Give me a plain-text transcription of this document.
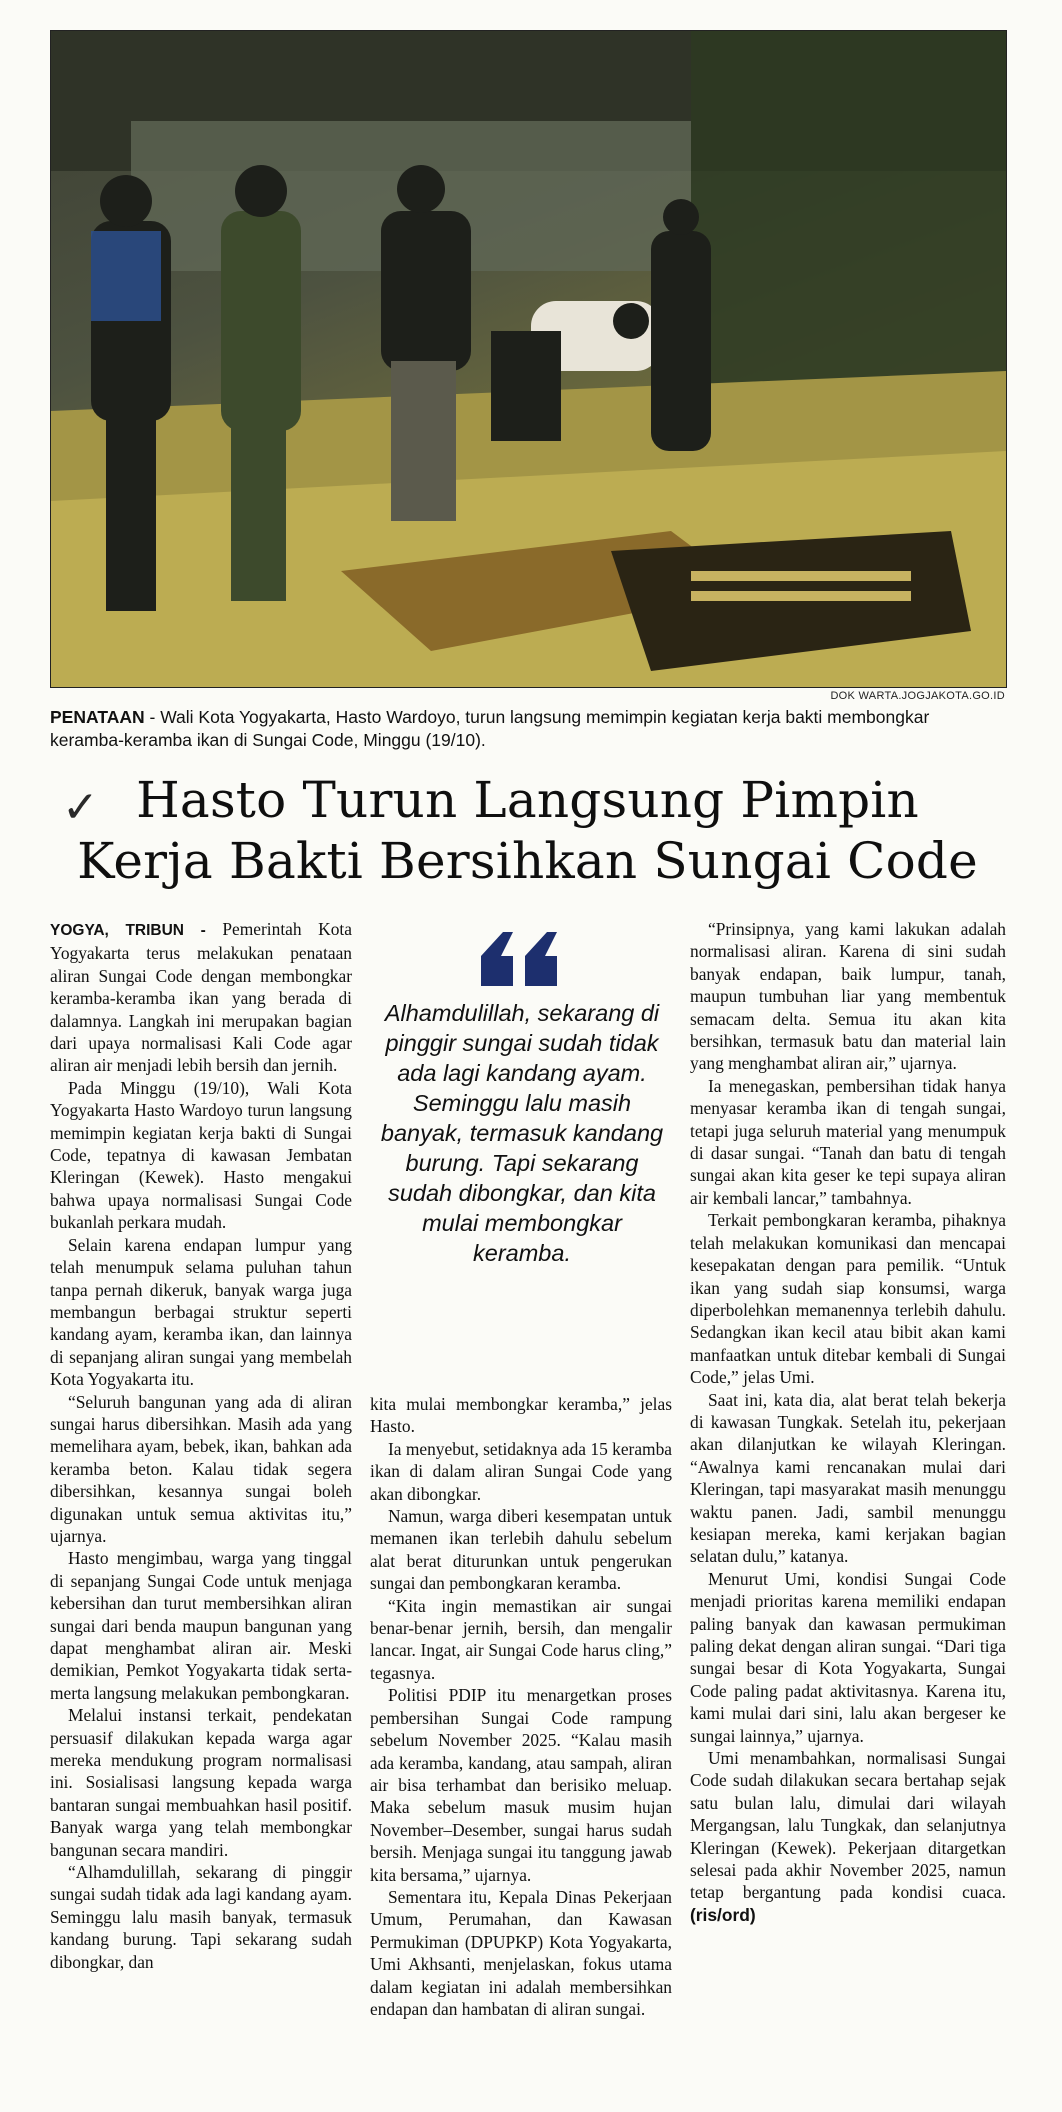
DOK WARTA.JOGJAKOTA.GO.ID
PENATAAN - Wali Kota Yogyakarta, Hasto Wardoyo, turun langsung memimpin kegiatan kerja bakti membongkar keramba-keramba ikan di Sungai Code, Minggu (19/10).
✓ Hasto Turun Langsung Pimpin
Kerja Bakti Bersihkan Sungai Code

YOGYA, TRIBUN - Pemerintah Kota Yogyakarta terus melakukan penataan aliran Sungai Code dengan membongkar keramba-keramba ikan yang berada di dalamnya. Langkah ini merupakan bagian dari upaya normalisasi Kali Code agar aliran air menjadi lebih bersih dan jernih.

Pada Minggu (19/10), Wali Kota Yogyakarta Hasto Wardoyo turun langsung memimpin kegiatan kerja bakti di Sungai Code, tepatnya di kawasan Jembatan Kleringan (Kewek). Hasto mengakui bahwa upaya normalisasi Sungai Code bukanlah perkara mudah.

Selain karena endapan lumpur yang telah menumpuk selama puluhan tahun tanpa pernah dikeruk, banyak warga juga membangun berbagai struktur seperti kandang ayam, keramba ikan, dan lainnya di sepanjang aliran sungai yang membelah Kota Yogyakarta itu.

“Seluruh bangunan yang ada di aliran sungai harus dibersihkan. Masih ada yang memelihara ayam, bebek, ikan, bahkan ada keramba beton. Kalau tidak segera dibersihkan, kesannya sungai boleh digunakan untuk semua aktivitas itu,” ujarnya.

Hasto mengimbau, warga yang tinggal di sepanjang Sungai Code untuk menjaga kebersihan dan turut membersihkan aliran sungai dari benda maupun bangunan yang dapat menghambat aliran air. Meski demikian, Pemkot Yogyakarta tidak serta-merta langsung melakukan pembongkaran.

Melalui instansi terkait, pendekatan persuasif dilakukan kepada warga agar mereka mendukung program normalisasi ini. Sosialisasi langsung kepada warga bantaran sungai membuahkan hasil positif. Banyak warga yang telah membongkar bangunan secara mandiri.

“Alhamdulillah, sekarang di pinggir sungai sudah tidak ada lagi kandang ayam. Seminggu lalu masih banyak, termasuk kandang burung. Tapi sekarang sudah dibongkar, dan

Alhamdulillah, sekarang di pinggir sungai sudah tidak ada lagi kandang ayam. Seminggu lalu masih banyak, termasuk kandang burung. Tapi sekarang sudah dibongkar, dan kita mulai membongkar keramba.

kita mulai membongkar keramba,” jelas Hasto.

Ia menyebut, setidaknya ada 15 keramba ikan di dalam aliran Sungai Code yang akan dibongkar.

Namun, warga diberi kesempatan untuk memanen ikan terlebih dahulu sebelum alat berat diturunkan untuk pengerukan sungai dan pembongkaran keramba.

“Kita ingin memastikan air sungai benar-benar jernih, bersih, dan mengalir lancar. Ingat, air Sungai Code harus cling,” tegasnya.

Politisi PDIP itu menargetkan proses pembersihan Sungai Code rampung sebelum November 2025. “Kalau masih ada keramba, kandang, atau sampah, aliran air bisa terhambat dan berisiko meluap. Maka sebelum masuk musim hujan November–Desember, sungai harus sudah bersih. Menjaga sungai itu tanggung jawab kita bersama,” ujarnya.

Sementara itu, Kepala Dinas Pekerjaan Umum, Perumahan, dan Kawasan Permukiman (DPUPKP) Kota Yogyakarta, Umi Akhsanti, menjelaskan, fokus utama dalam kegiatan ini adalah membersihkan endapan dan hambatan di aliran sungai.

“Prinsipnya, yang kami lakukan adalah normalisasi aliran. Karena di sini sudah banyak endapan, baik lumpur, tanah, maupun tumbuhan liar yang membentuk semacam delta. Semua itu akan kita bersihkan, termasuk batu dan material lain yang menghambat aliran air,” ujarnya.

Ia menegaskan, pembersihan tidak hanya menyasar keramba ikan di tengah sungai, tetapi juga seluruh material yang menumpuk di dasar sungai. “Tanah dan batu di tengah sungai akan kita geser ke tepi supaya aliran air kembali lancar,” tambahnya.

Terkait pembongkaran keramba, pihaknya telah melakukan komunikasi dan mencapai kesepakatan dengan para pemilik. “Untuk ikan yang sudah siap konsumsi, warga diperbolehkan memanennya terlebih dahulu. Sedangkan ikan kecil atau bibit akan kami manfaatkan untuk ditebar kembali di Sungai Code,” jelas Umi.

Saat ini, kata dia, alat berat telah bekerja di kawasan Tungkak. Setelah itu, pekerjaan akan dilanjutkan ke wilayah Kleringan. “Awalnya kami rencanakan mulai dari Kleringan, tapi masyarakat masih menunggu waktu panen. Jadi, sambil menunggu kesiapan mereka, kami kerjakan bagian selatan dulu,” katanya.

Menurut Umi, kondisi Sungai Code menjadi prioritas karena memiliki endapan paling banyak dan kawasan permukiman paling dekat dengan aliran sungai. “Dari tiga sungai besar di Kota Yogyakarta, Sungai Code paling padat aktivitasnya. Karena itu, kami mulai dari sini, lalu akan bergeser ke sungai lainnya,” ujarnya.

Umi menambahkan, normalisasi Sungai Code sudah dilakukan secara bertahap sejak satu bulan lalu, dimulai dari wilayah Mergangsan, lalu Tungkak, dan selanjutnya Kleringan (Kewek). Pekerjaan ditargetkan selesai pada akhir November 2025, namun tetap bergantung pada kondisi cuaca. (ris/ord)
